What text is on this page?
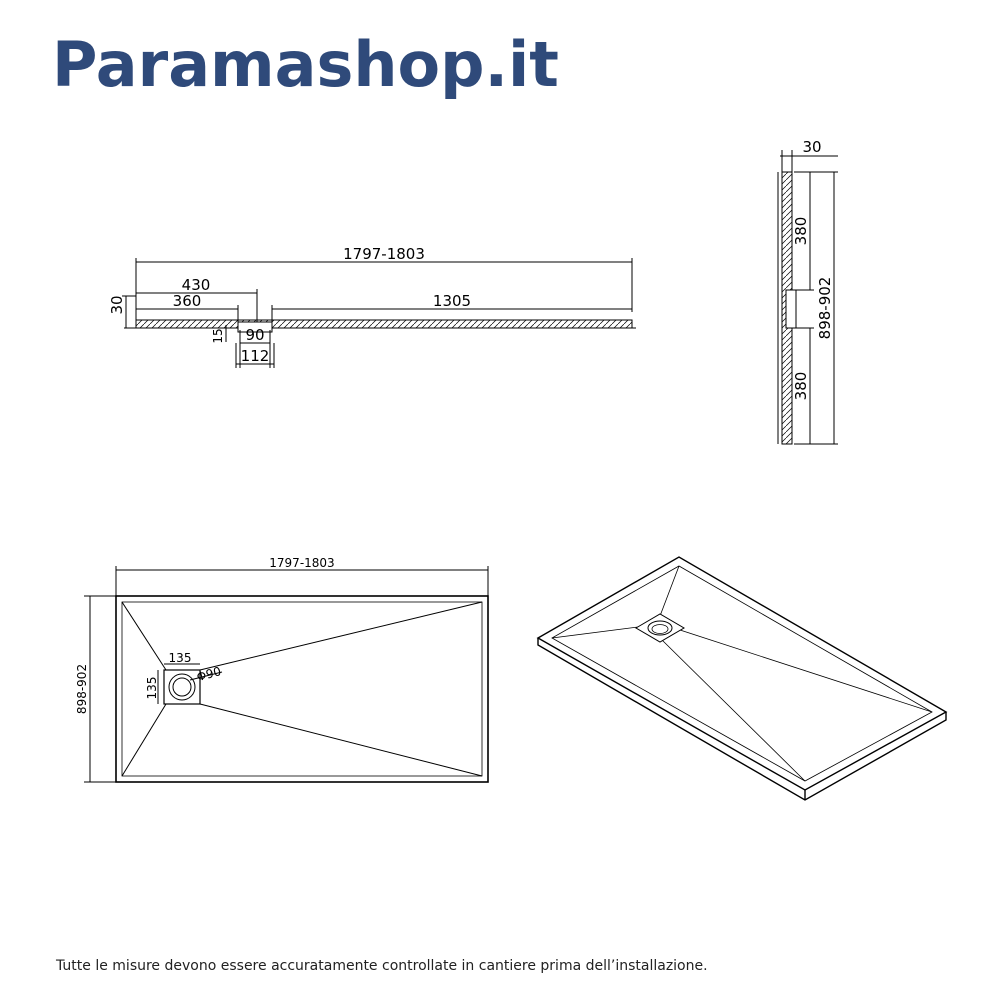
Paramashop.it
1797-1803
430
360	1305
30
90
112
15
30
380
380
898-902
1797-1803
898-902
135
135
Φ90

Tutte le misure devono essere accuratamente controllate in cantiere prima dell’installazione.
